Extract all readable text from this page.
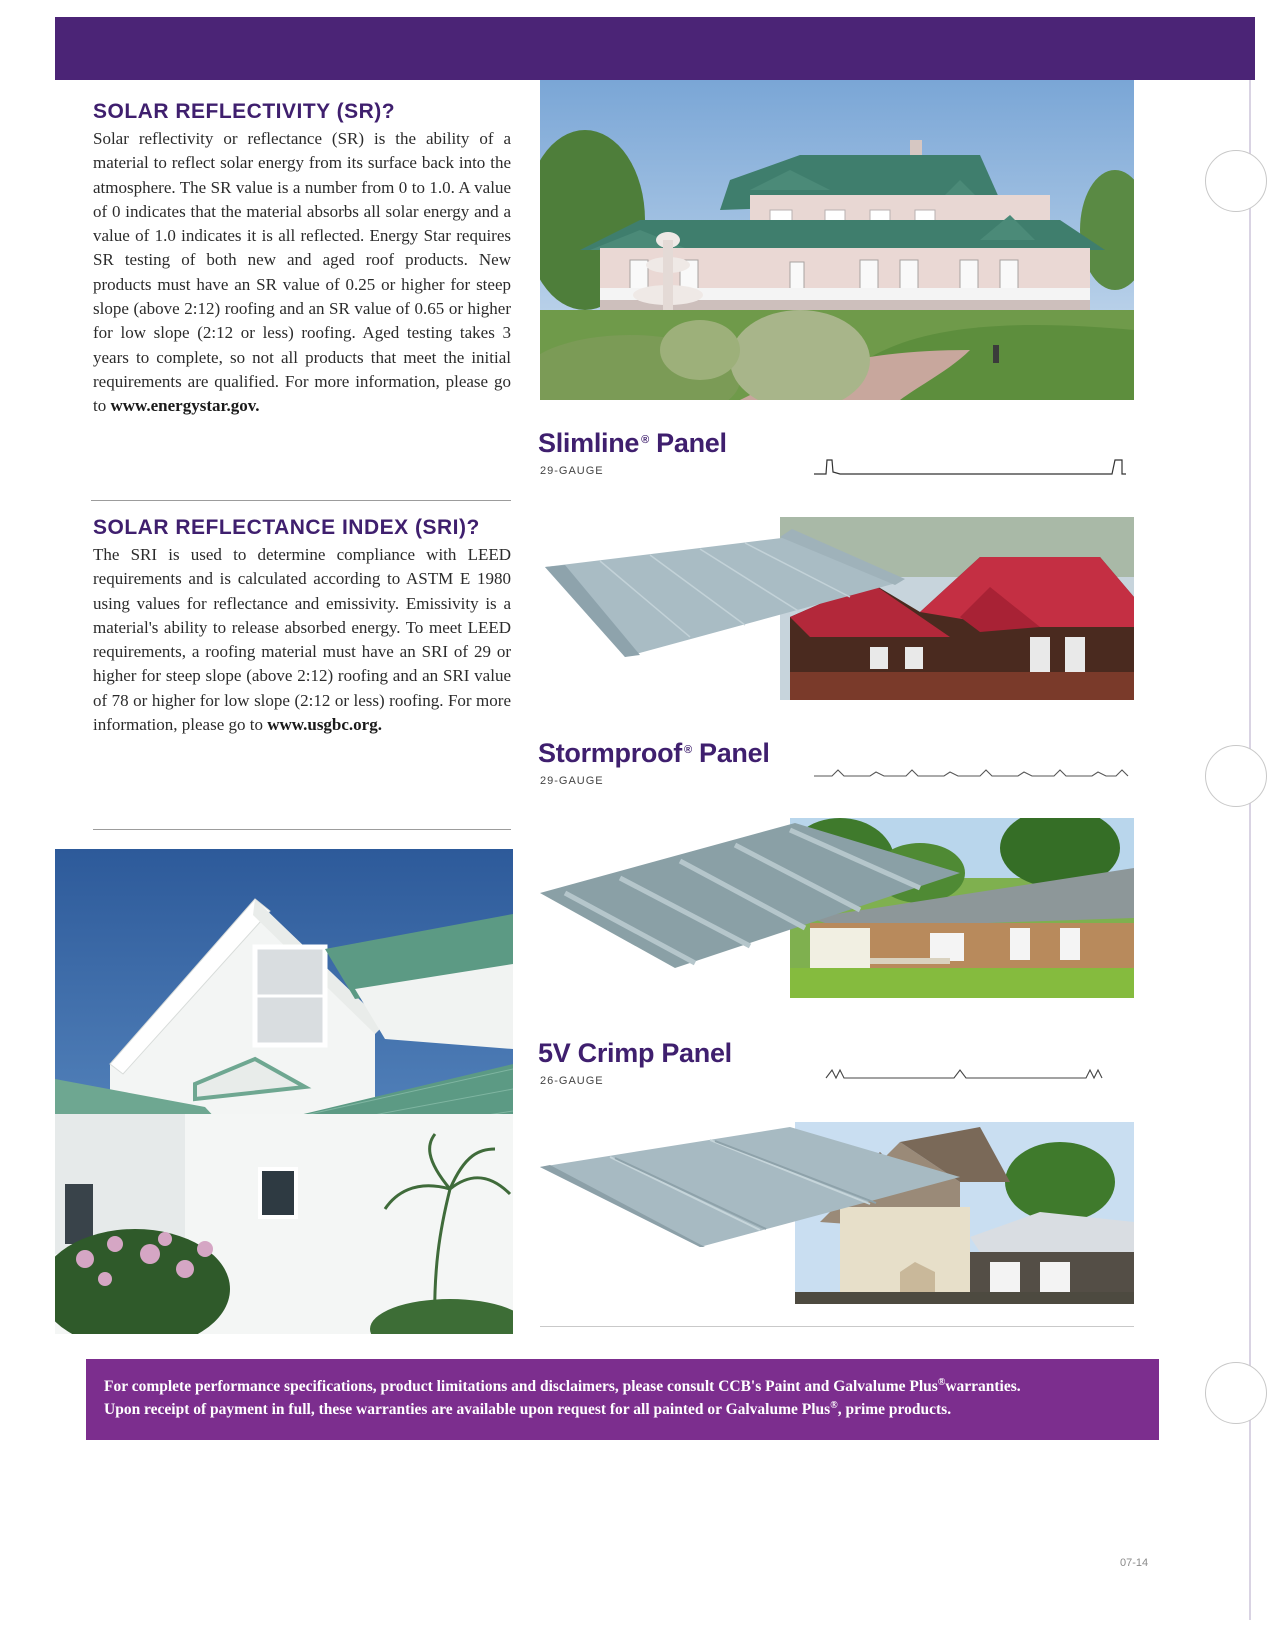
SOLAR REFLECTIVITY (SR)?

Solar reflectivity or reflectance (SR) is the ability of a material to reflect solar energy from its surface back into the atmosphere. The SR value is a number from 0 to 1.0. A value of 0 indicates that the material absorbs all solar energy and a value of 1.0 indicates it is all reflected. Energy Star requires SR testing of both new and aged roof products. New products must have an SR value of 0.25 or higher for steep slope (above 2:12) roofing and an SR value of 0.65 or higher for low slope (2:12 or less) roofing. Aged testing takes 3 years to complete, so not all products that meet the initial requirements are qualified. For more information, please go to www.energystar.gov.

SOLAR REFLECTANCE INDEX (SRI)?

The SRI is used to determine compliance with LEED requirements and is calculated according to ASTM E 1980 using values for reflectance and emissivity. Emissivity is a material's ability to release absorbed energy. To meet LEED requirements, a roofing material must have an SRI of 29 or higher for steep slope (above 2:12) roofing and an SRI value of 78 or higher for low slope (2:12 or less) roofing. For more information, please go to www.usgbc.org.

Slimline ® Panel
29-GAUGE
Stormproof ® Panel
29-GAUGE
5V Crimp Panel
26-GAUGE

For complete performance specifications, product limitations and disclaimers, please consult CCB's Paint and Galvalume Plus®warranties.

Upon receipt of payment in full, these warranties are available upon request for all painted or Galvalume Plus®, prime products.

07-14
